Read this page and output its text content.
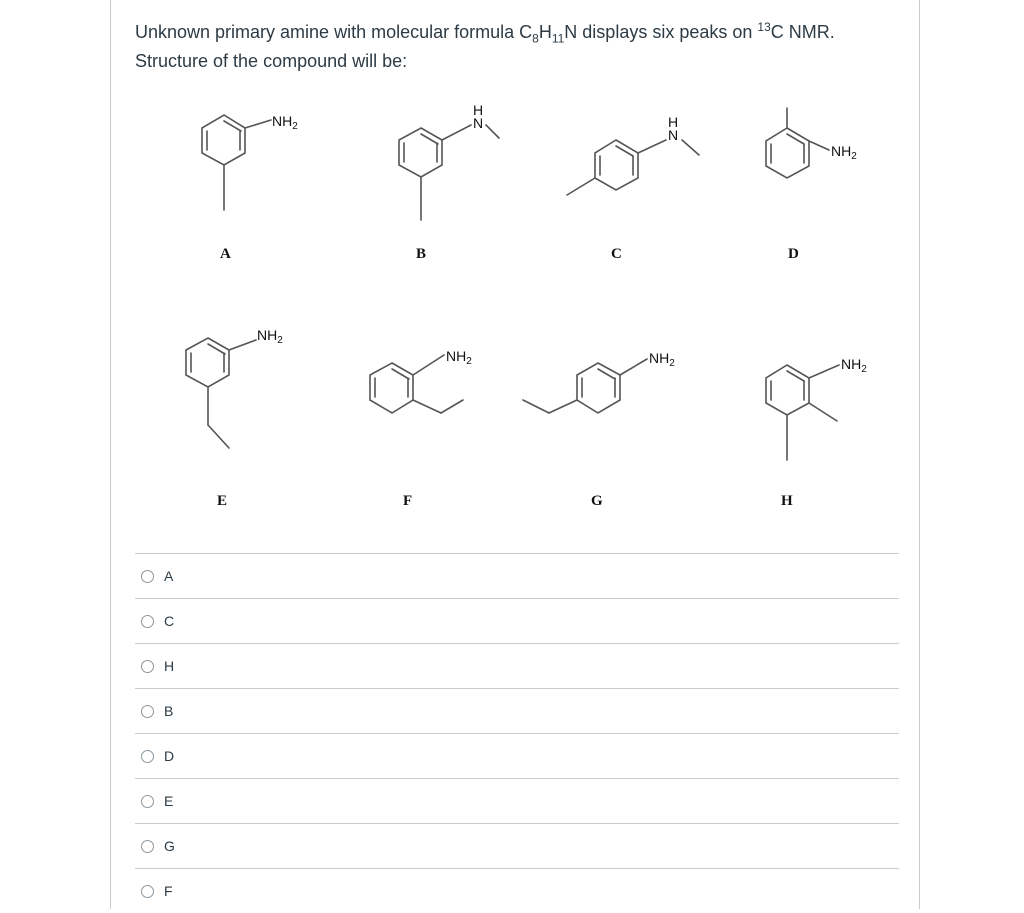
Unknown primary amine with molecular formula $C_8H_{11}N$ displays six peaks on $^{13}$C NMR.
Structure of the compound will be:
$NH_2$
A
H
N
B
H
N
C
$NH_2$
D
$NH_2$
E
$NH_2$
F
$NH_2$
G
$NH_2$
H
A
C
H
B
D
E
G
F
